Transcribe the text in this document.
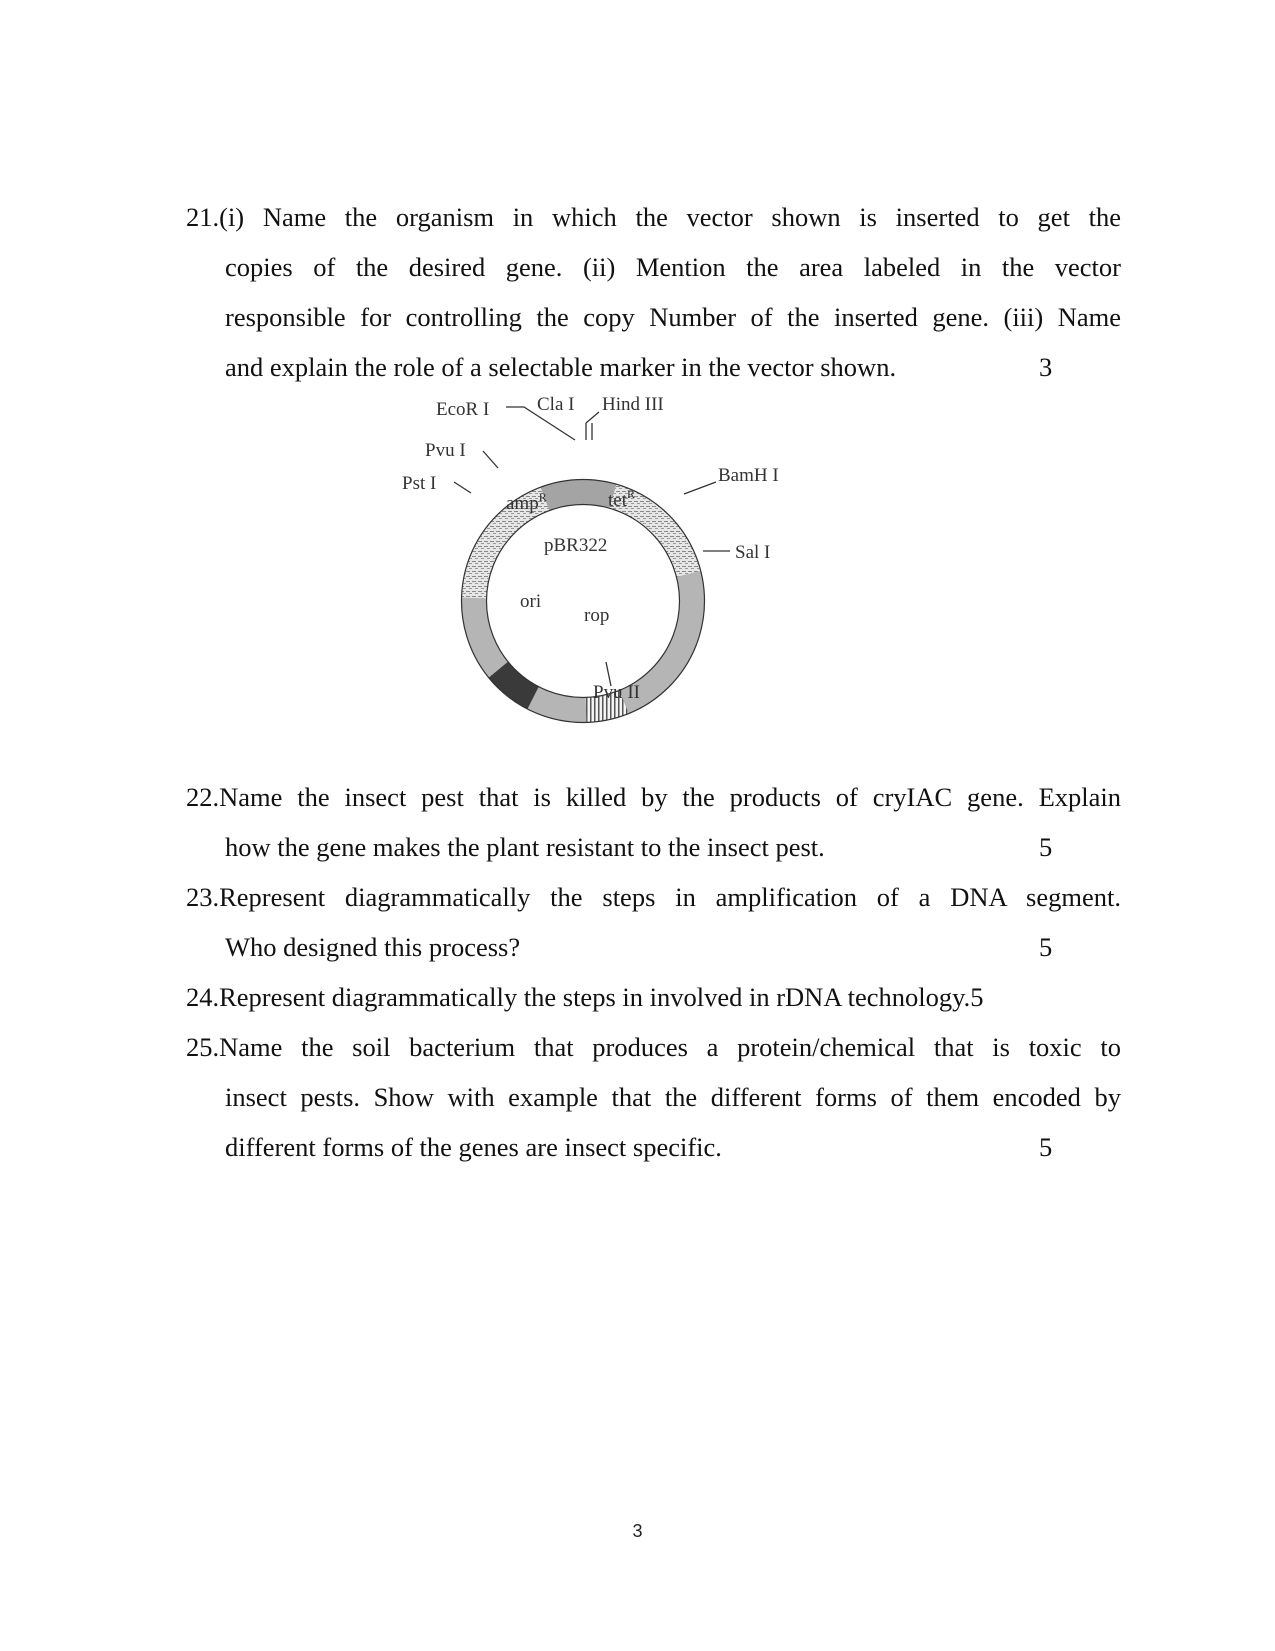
21.(i) Name the organism in which the vector shown is inserted to get the
copies of the desired gene. (ii) Mention the area labeled in the vector
responsible for controlling the copy Number of the inserted gene. (iii) Name
and explain the role of a selectable marker in the vector shown.	3
EcoR I	Cla I Hind III
Pvu I
Pst I	BamH I
Sal I
Pvu II
amp$^R$	tet$^R$
pBR322
ori
rop
22.Name the insect pest that is killed by the products of cryIAC gene. Explain
how the gene makes the plant resistant to the insect pest.	5
23.Represent diagrammatically the steps in amplification of a DNA segment.
Who designed this process?	5
24.Represent diagrammatically the steps in involved in rDNA technology.5
25.Name the soil bacterium that produces a protein/chemical that is toxic to
insect pests. Show with example that the different forms of them encoded by
different forms of the genes are insect specific.	5
3
